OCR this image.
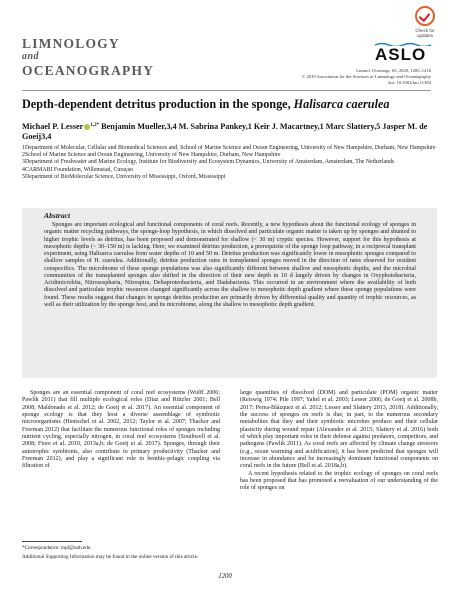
LIMNOLOGY
and
OCEANOGRAPHY
Check for
updates
ASLO
Limnol. Oceanogr. 65, 2020, 1200–1216
© 2019 Association for the Sciences of Limnology and Oceanography
doi: 10.1002/lno.11384
Depth-dependent detritus production in the sponge, Halisarca caerulea
Michael P. Lesser $^{1,2*}$ Benjamin Mueller,3,4 M. Sabrina Pankey,1 Keir J. Macartney,1 Marc Slattery,5 Jasper M. de Goeij3,4
1Department of Molecular, Cellular and Biomedical Sciences and, School of Marine Science and Ocean Engineering, University of New Hampshire, Durham, New Hampshire
2School of Marine Science and Ocean Engineering, University of New Hampshire, Durham, New Hampshire
3Department of Freshwater and Marine Ecology, Institute for Biodiversity and Ecosystem Dynamics, University of Amsterdam, Amsterdam, The Netherlands
4CARMABI Foundation, Willemstad, Curaçao
5Department of BioMolecular Science, University of Mississippi, Oxford, Mississippi
Abstract

Sponges are important ecological and functional components of coral reefs. Recently, a new hypothesis about the functional ecology of sponges in organic matter recycling pathways, the sponge-loop hypothesis, in which dissolved and particulate organic matter is taken up by sponges and shunted to higher trophic levels as detritus, has been proposed and demonstrated for shallow (< 30 m) cryptic species. However, support for this hypothesis at mesophotic depths (~ 30–150 m) is lacking. Here, we examined detritus production, a prerequisite of the sponge loop pathway, in a reciprocal transplant experiment, using Halisarca caerulea from water depths of 10 and 50 m. Detritus production was significantly lower in mesophotic sponges compared to shallow samples of H. caerulea. Additionally, detritus production rates in transplanted sponges moved in the direction of rates observed for resident conspecifics. The microbiome of these sponge populations was also significantly different between shallow and mesophotic depths, and the microbial communities of the transplanted sponges also shifted in the direction of their new depth in 10 d largely driven by changes in Oxyphotobacteria, Acidimicrobiia, Nitrosospharia, Nitrospira, Deltaproteobacteria, and Dadabacteria. This occurred in an environment where the availability of both dissolved and particulate trophic resources changed significantly across the shallow to mesophotic depth gradient where these sponge populations were found. These results suggest that changes in sponge detritus production are primarily driven by differential quality and quantity of trophic resources, as well as their utilization by the sponge host, and its microbiome, along the shallow to mesophotic depth gradient.

Sponges are an essential component of coral reef ecosystems (Wulff 2006; Pawlik 2011) that fill multiple ecological roles (Diaz and Rützler 2001; Bell 2008; Maldonado et al. 2012; de Goeij et al. 2017). An essential component of sponge ecology is that they host a diverse assemblage of symbiotic microorganisms (Hentschel et al. 2002, 2012; Taylor et al. 2007; Thacker and Freeman 2012) that facilitate the numerous functional roles of sponges including nutrient cycling, especially nitrogen, in coral reef ecosystems (Southwell et al. 2008; Fiore et al. 2010, 2013a,b; de Goeij et al. 2017). Sponges, through their autotrophic symbionts, also contribute to primary productivity (Thacker and Freeman 2012), and play a significant role in benthic-pelagic coupling via filtration of

large quantities of dissolved (DOM) and particulate (POM) organic matter (Reiswig 1974; Pile 1997; Yahel et al. 2003; Lesser 2006; de Goeij et al. 2008b, 2017; Perea-Blázquez et al. 2012; Lesser and Slattery 2013, 2018). Additionally, the success of sponges on reefs is due, in part, to the numerous secondary metabolites that they and their symbiotic microbes produce and their cellular plasticity during wound repair (Alexander et al. 2015; Slattery et al. 2016) both of which play important roles in their defense against predators, competitors, and pathogens (Pawlik 2011). As coral reefs are affected by climate change stressors (e.g., ocean warming and acidification), it has been predicted that sponges will increase in abundance and be increasingly dominant functional components on coral reefs in the future (Bell et al. 2018a,b).

A recent hypothesis related to the trophic ecology of sponges on coral reefs has been proposed that has promoted a reevaluation of our understanding of the role of sponges on

*Correspondence: mpl@unh.edu
Additional Supporting Information may be found in the online version of this article.
1200
